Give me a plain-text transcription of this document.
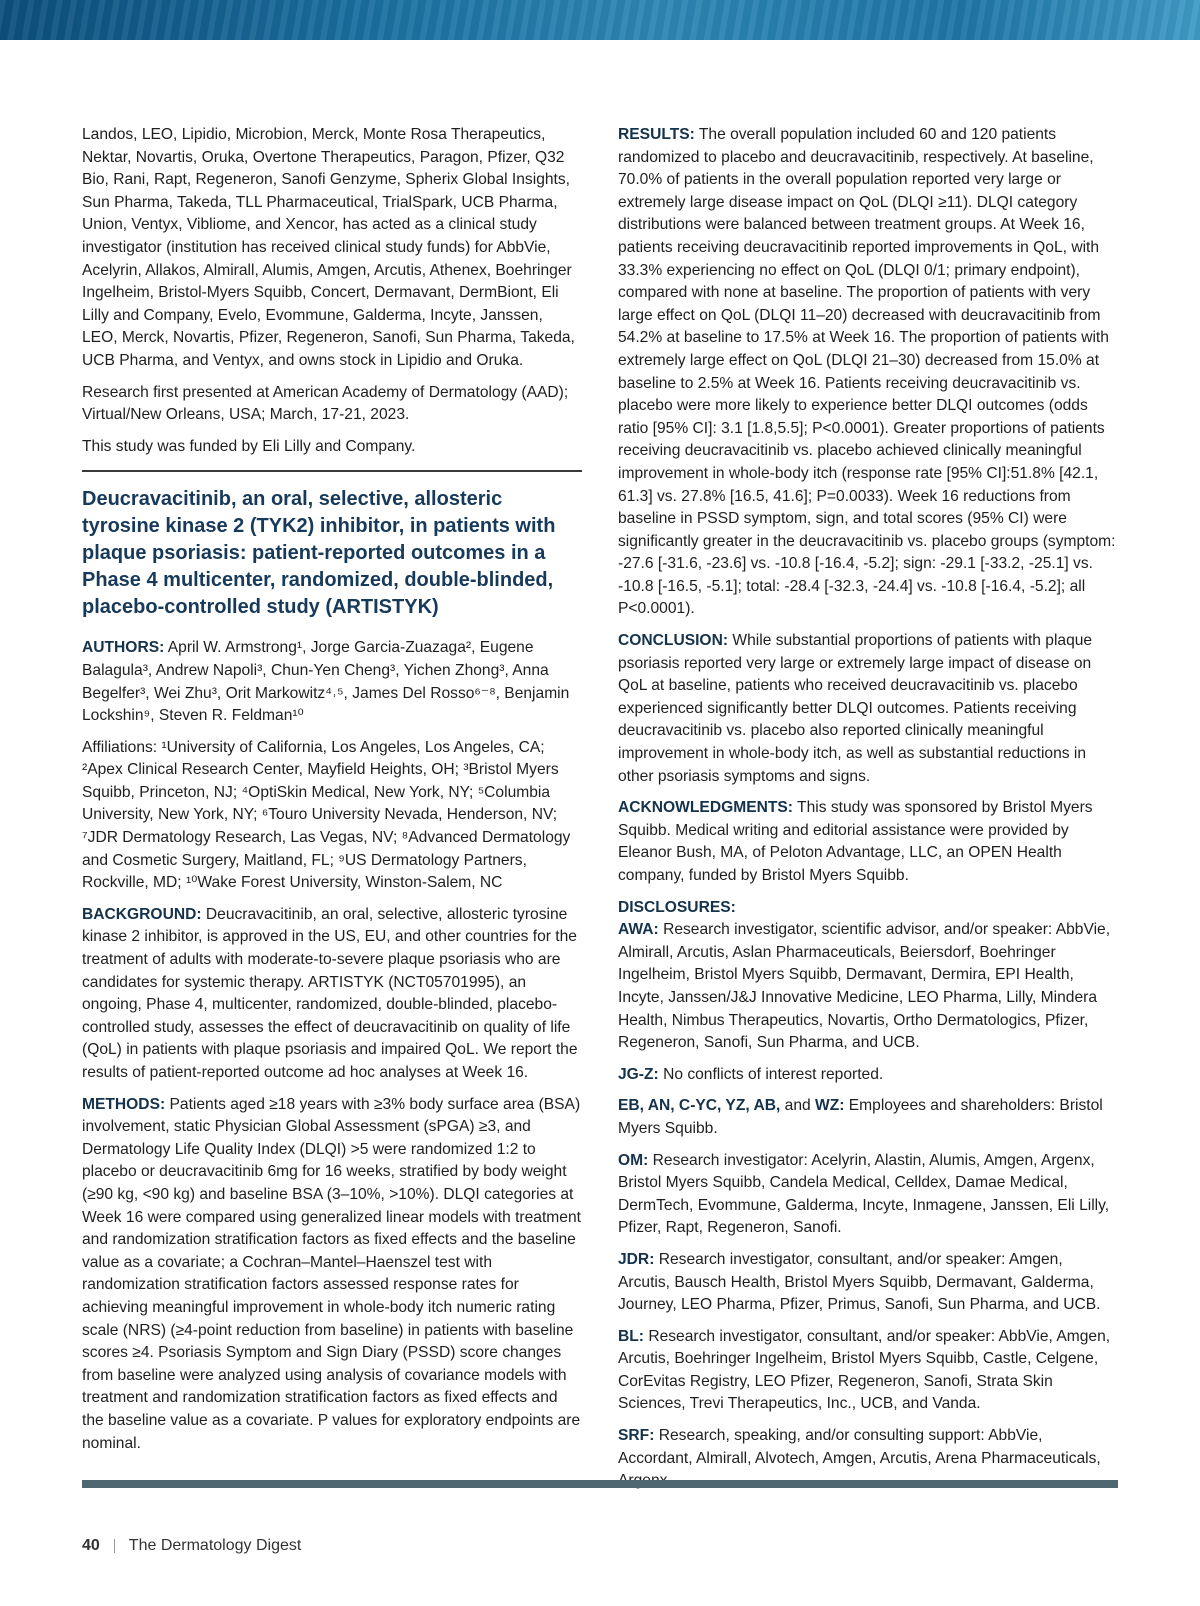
Landos, LEO, Lipidio, Microbion, Merck, Monte Rosa Therapeutics, Nektar, Novartis, Oruka, Overtone Therapeutics, Paragon, Pfizer, Q32 Bio, Rani, Rapt, Regeneron, Sanofi Genzyme, Spherix Global Insights, Sun Pharma, Takeda, TLL Pharmaceutical, TrialSpark, UCB Pharma, Union, Ventyx, Vibliome, and Xencor, has acted as a clinical study investigator (institution has received clinical study funds) for AbbVie, Acelyrin, Allakos, Almirall, Alumis, Amgen, Arcutis, Athenex, Boehringer Ingelheim, Bristol-Myers Squibb, Concert, Dermavant, DermBiont, Eli Lilly and Company, Evelo, Evommune, Galderma, Incyte, Janssen, LEO, Merck, Novartis, Pfizer, Regeneron, Sanofi, Sun Pharma, Takeda, UCB Pharma, and Ventyx, and owns stock in Lipidio and Oruka.

Research first presented at American Academy of Dermatology (AAD); Virtual/New Orleans, USA; March, 17-21, 2023.

This study was funded by Eli Lilly and Company.

Deucravacitinib, an oral, selective, allosteric tyrosine kinase 2 (TYK2) inhibitor, in patients with plaque psoriasis: patient-reported outcomes in a Phase 4 multicenter, randomized, double-blinded, placebo-controlled study (ARTISTYK)

AUTHORS: April W. Armstrong¹, Jorge Garcia-Zuazaga², Eugene Balagula³, Andrew Napoli³, Chun-Yen Cheng³, Yichen Zhong³, Anna Begelfer³, Wei Zhu³, Orit Markowitz⁴˒⁵, James Del Rosso⁶⁻⁸, Benjamin Lockshin⁹, Steven R. Feldman¹⁰

Affiliations: ¹University of California, Los Angeles, Los Angeles, CA; ²Apex Clinical Research Center, Mayfield Heights, OH; ³Bristol Myers Squibb, Princeton, NJ; ⁴OptiSkin Medical, New York, NY; ⁵Columbia University, New York, NY; ⁶Touro University Nevada, Henderson, NV; ⁷JDR Dermatology Research, Las Vegas, NV; ⁸Advanced Dermatology and Cosmetic Surgery, Maitland, FL; ⁹US Dermatology Partners, Rockville, MD; ¹⁰Wake Forest University, Winston-Salem, NC

BACKGROUND: Deucravacitinib, an oral, selective, allosteric tyrosine kinase 2 inhibitor, is approved in the US, EU, and other countries for the treatment of adults with moderate-to-severe plaque psoriasis who are candidates for systemic therapy. ARTISTYK (NCT05701995), an ongoing, Phase 4, multicenter, randomized, double-blinded, placebo-controlled study, assesses the effect of deucravacitinib on quality of life (QoL) in patients with plaque psoriasis and impaired QoL. We report the results of patient-reported outcome ad hoc analyses at Week 16.

METHODS: Patients aged ≥18 years with ≥3% body surface area (BSA) involvement, static Physician Global Assessment (sPGA) ≥3, and Dermatology Life Quality Index (DLQI) >5 were randomized 1:2 to placebo or deucravacitinib 6mg for 16 weeks, stratified by body weight (≥90 kg, <90 kg) and baseline BSA (3–10%, >10%). DLQI categories at Week 16 were compared using generalized linear models with treatment and randomization stratification factors as fixed effects and the baseline value as a covariate; a Cochran–Mantel–Haenszel test with randomization stratification factors assessed response rates for achieving meaningful improvement in whole-body itch numeric rating scale (NRS) (≥4-point reduction from baseline) in patients with baseline scores ≥4. Psoriasis Symptom and Sign Diary (PSSD) score changes from baseline were analyzed using analysis of covariance models with treatment and randomization stratification factors as fixed effects and the baseline value as a covariate. P values for exploratory endpoints are nominal.

RESULTS: The overall population included 60 and 120 patients randomized to placebo and deucravacitinib, respectively. At baseline, 70.0% of patients in the overall population reported very large or extremely large disease impact on QoL (DLQI ≥11). DLQI category distributions were balanced between treatment groups. At Week 16, patients receiving deucravacitinib reported improvements in QoL, with 33.3% experiencing no effect on QoL (DLQI 0/1; primary endpoint), compared with none at baseline. The proportion of patients with very large effect on QoL (DLQI 11–20) decreased with deucravacitinib from 54.2% at baseline to 17.5% at Week 16. The proportion of patients with extremely large effect on QoL (DLQI 21–30) decreased from 15.0% at baseline to 2.5% at Week 16. Patients receiving deucravacitinib vs. placebo were more likely to experience better DLQI outcomes (odds ratio [95% CI]: 3.1 [1.8,5.5]; P<0.0001). Greater proportions of patients receiving deucravacitinib vs. placebo achieved clinically meaningful improvement in whole-body itch (response rate [95% CI]:51.8% [42.1, 61.3] vs. 27.8% [16.5, 41.6]; P=0.0033). Week 16 reductions from baseline in PSSD symptom, sign, and total scores (95% CI) were significantly greater in the deucravacitinib vs. placebo groups (symptom: -27.6 [-31.6, -23.6] vs. -10.8 [-16.4, -5.2]; sign: -29.1 [-33.2, -25.1] vs. -10.8 [-16.5, -5.1]; total: -28.4 [-32.3, -24.4] vs. -10.8 [-16.4, -5.2]; all P<0.0001).

CONCLUSION: While substantial proportions of patients with plaque psoriasis reported very large or extremely large impact of disease on QoL at baseline, patients who received deucravacitinib vs. placebo experienced significantly better DLQI outcomes. Patients receiving deucravacitinib vs. placebo also reported clinically meaningful improvement in whole-body itch, as well as substantial reductions in other psoriasis symptoms and signs.

ACKNOWLEDGMENTS: This study was sponsored by Bristol Myers Squibb. Medical writing and editorial assistance were provided by Eleanor Bush, MA, of Peloton Advantage, LLC, an OPEN Health company, funded by Bristol Myers Squibb.

DISCLOSURES:

AWA: Research investigator, scientific advisor, and/or speaker: AbbVie, Almirall, Arcutis, Aslan Pharmaceuticals, Beiersdorf, Boehringer Ingelheim, Bristol Myers Squibb, Dermavant, Dermira, EPI Health, Incyte, Janssen/J&J Innovative Medicine, LEO Pharma, Lilly, Mindera Health, Nimbus Therapeutics, Novartis, Ortho Dermatologics, Pfizer, Regeneron, Sanofi, Sun Pharma, and UCB.

JG-Z: No conflicts of interest reported.

EB, AN, C-YC, YZ, AB, and WZ: Employees and shareholders: Bristol Myers Squibb.

OM: Research investigator: Acelyrin, Alastin, Alumis, Amgen, Argenx, Bristol Myers Squibb, Candela Medical, Celldex, Damae Medical, DermTech, Evommune, Galderma, Incyte, Inmagene, Janssen, Eli Lilly, Pfizer, Rapt, Regeneron, Sanofi.

JDR: Research investigator, consultant, and/or speaker: Amgen, Arcutis, Bausch Health, Bristol Myers Squibb, Dermavant, Galderma, Journey, LEO Pharma, Pfizer, Primus, Sanofi, Sun Pharma, and UCB.

BL: Research investigator, consultant, and/or speaker: AbbVie, Amgen, Arcutis, Boehringer Ingelheim, Bristol Myers Squibb, Castle, Celgene, CorEvitas Registry, LEO Pfizer, Regeneron, Sanofi, Strata Skin Sciences, Trevi Therapeutics, Inc., UCB, and Vanda.

SRF: Research, speaking, and/or consulting support: AbbVie, Accordant, Almirall, Alvotech, Amgen, Arcutis, Arena Pharmaceuticals,

40 The Dermatology Digest
